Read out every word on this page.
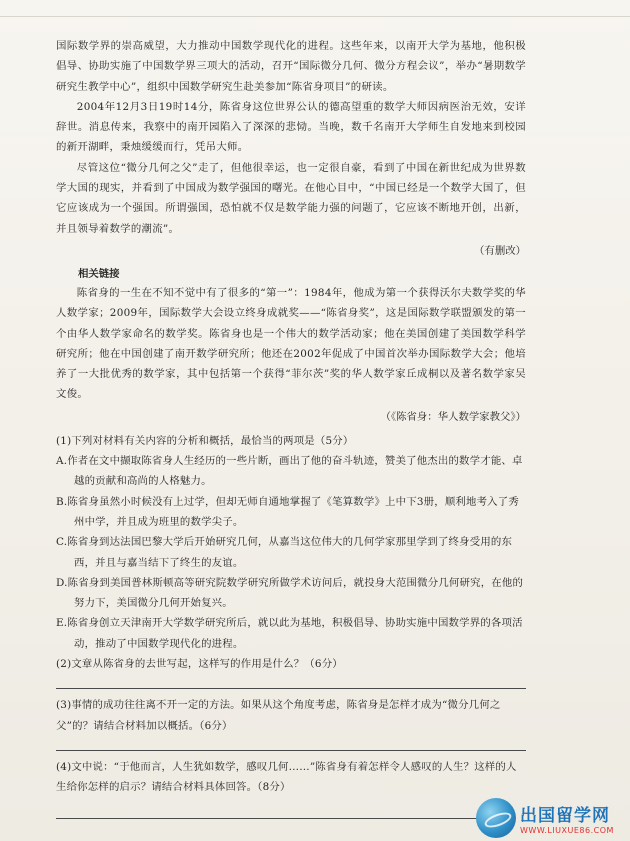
国际数学界的崇高威望，大力推动中国数学现代化的进程。这些年来，以南开大学为基地，他积极倡导、协助实施了中国数学界三项大的活动，召开“国际微分几何、微分方程会议”，举办“暑期数学研究生教学中心”，组织中国数学研究生赴美参加“陈省身项目”的研读。

2004年12月3日19时14分，陈省身这位世界公认的德高望重的数学大师因病医治无效，安详辞世。消息传来，我察中的南开园陷入了深深的悲恸。当晚，数千名南开大学师生自发地来到校园的新开湖畔，秉烛缓缓而行，凭吊大师。

尽管这位“微分几何之父”走了，但他很幸运，也一定很自豪，看到了中国在新世纪成为世界数学大国的现实，并看到了中国成为数学强国的曙光。在他心目中，“中国已经是一个数学大国了，但它应该成为一个强国。所谓强国，恐怕就不仅是数学能力强的问题了，它应该不断地开创，出新，并且领导着数学的潮流”。

（有删改）

相关链接

陈省身的一生在不知不觉中有了很多的“第一”：1984年，他成为第一个获得沃尔夫数学奖的华人数学家；2009年，国际数学大会设立终身成就奖——“陈省身奖”，这是国际数学联盟颁发的第一个由华人数学家命名的数学奖。陈省身也是一个伟大的数学活动家；他在美国创建了美国数学科学研究所；他在中国创建了南开数学研究所；他还在2002年促成了中国首次举办国际数学大会；他培养了一大批优秀的数学家，其中包括第一个获得“菲尔茨”奖的华人数学家丘成桐以及著名数学家吴文俊。

（《陈省身：华人数学家教父》）

(1)下列对材料有关内容的分析和概括，最恰当的两项是（5分）

A.作者在文中撷取陈省身人生经历的一些片断，画出了他的奋斗轨迹，赞美了他杰出的数学才能、卓越的贡献和高尚的人格魅力。

B.陈省身虽然小时候没有上过学，但却无师自通地掌握了《笔算数学》上中下3册，顺利地考入了秀州中学，并且成为班里的数学尖子。

C.陈省身到达法国巴黎大学后开始研究几何，从嘉当这位伟大的几何学家那里学到了终身受用的东西，并且与嘉当结下了终生的友谊。

D.陈省身到美国普林斯顿高等研究院数学研究所做学术访问后，就投身大范围微分几何研究，在他的努力下，美国微分几何开始复兴。

E.陈省身创立天津南开大学数学研究所后，就以此为基地，积极倡导、协助实施中国数学界的各项活动，推动了中国数学现代化的进程。

(2)文章从陈省身的去世写起，这样写的作用是什么？（6分）

(3)事情的成功往往离不开一定的方法。如果从这个角度考虑，陈省身是怎样才成为“微分几何之父”的？请结合材料加以概括。（6分）

(4)文中说：“于他而言，人生犹如数学，感叹几何……”陈省身有着怎样令人感叹的人生？这样的人生给你怎样的启示？请结合材料具体回答。（8分）

出国留学网
WWW.LIUXUE86.COM
